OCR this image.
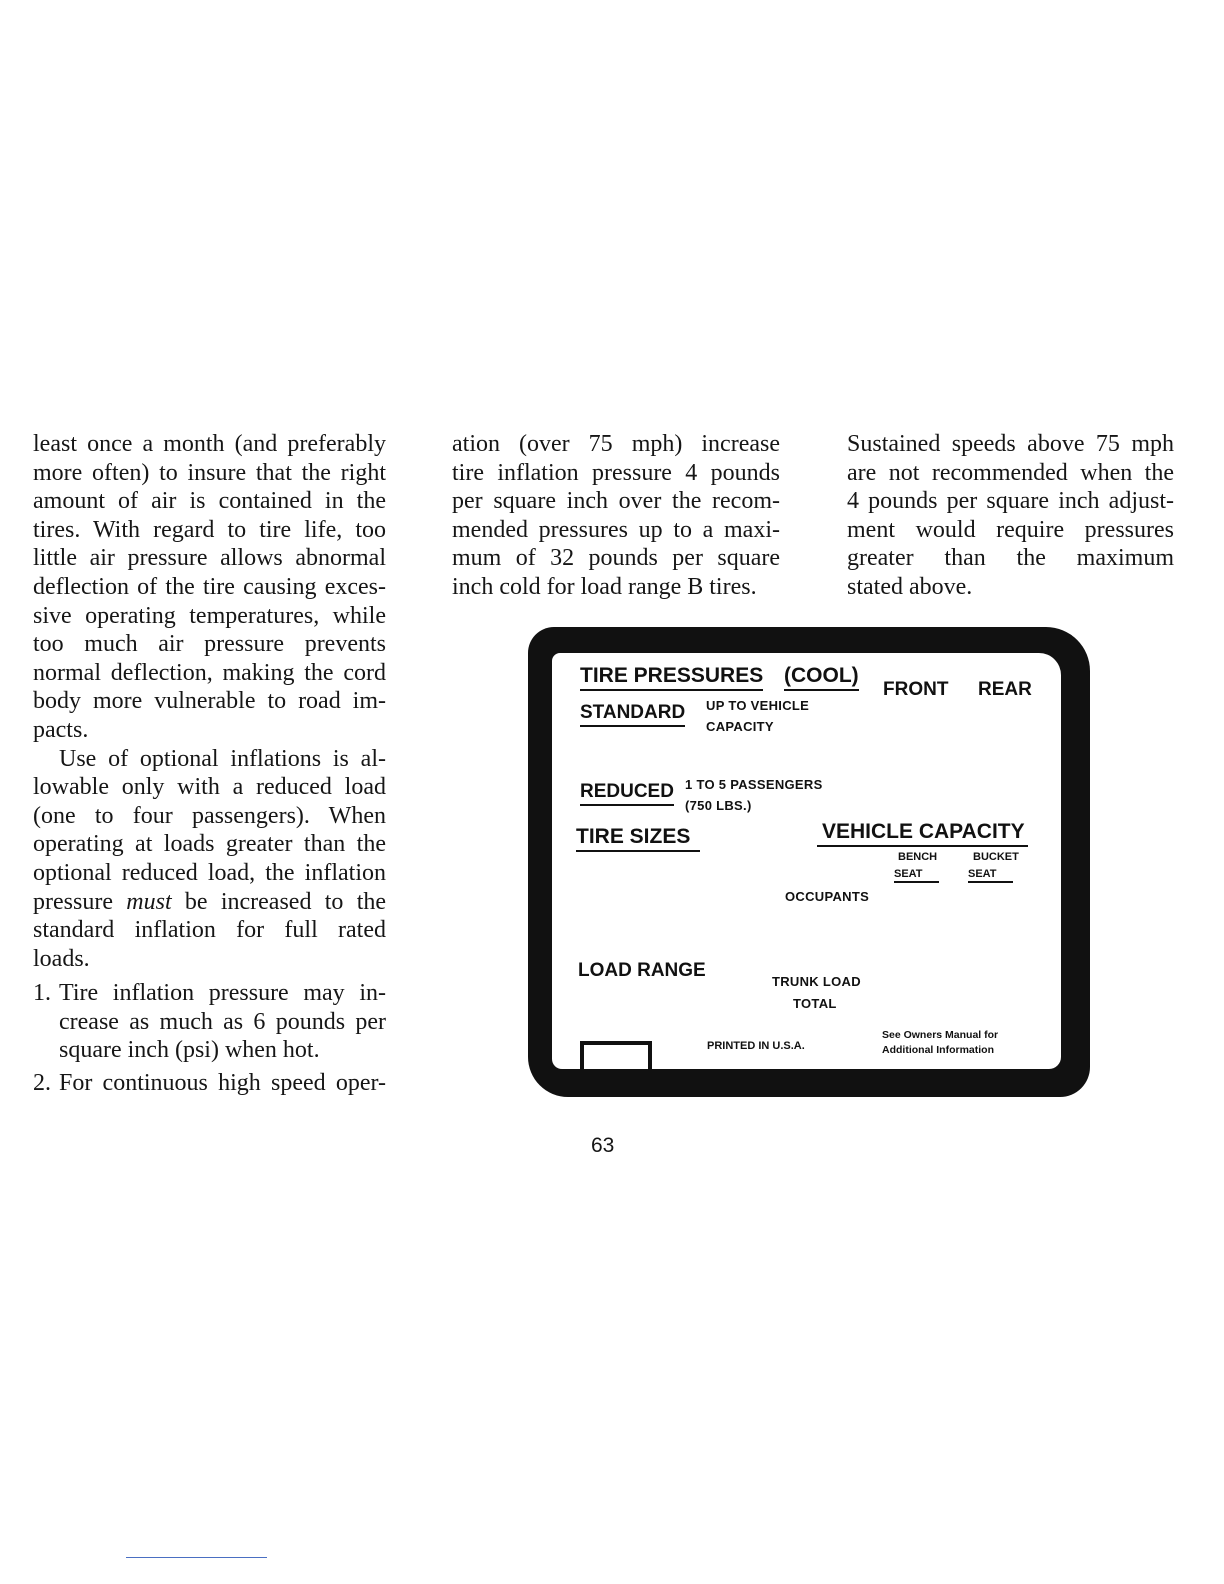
least once a month (and preferably
more often) to insure that the right
amount of air is contained in the
tires. With regard to tire life, too
little air pressure allows abnormal
deflection of the tire causing exces-
sive operating temperatures, while
too much air pressure prevents
normal deflection, making the cord
body more vulnerable to road im-
pacts.

Use of optional inflations is al-
lowable only with a reduced load
(one to four passengers). When
operating at loads greater than the
optional reduced load, the inflation
pressure must be increased to the
standard inflation for full rated
loads.

1. Tire inflation pressure may in-
crease as much as 6 pounds per
square inch (psi) when hot.
2. For continuous high speed oper-

ation (over 75 mph) increase
tire inflation pressure 4 pounds
per square inch over the recom-
mended pressures up to a maxi-
mum of 32 pounds per square
inch cold for load range B tires.

Sustained speeds above 75 mph
are not recommended when the
4 pounds per square inch adjust-
ment would require pressures
greater than the maximum
stated above.

TIRE PRESSURES (COOL)
FRONT REAR
STANDARD UP TO VEHICLE
CAPACITY
REDUCED 1 TO 5 PASSENGERS
(750 LBS.)
TIRE SIZES	VEHICLE CAPACITY
BENCH	BUCKET
SEAT	SEAT
OCCUPANTS
LOAD RANGE
TRUNK LOAD
TOTAL
PRINTED IN U.S.A.
See Owners Manual for
Additional Information
63
